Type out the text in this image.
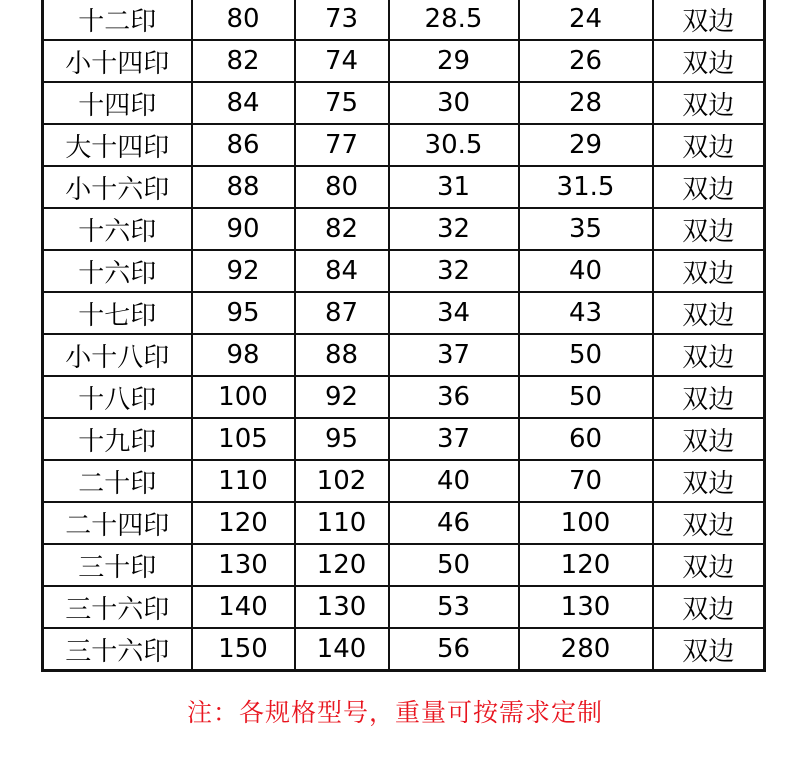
十二印	80	73	28.5	24	双边
小十四印	82	74	29	26	双边
十四印	84	75	30	28	双边
大十四印	86	77	30.5	29	双边
小十六印	88	80	31	31.5	双边
十六印	90	82	32	35	双边
十六印	92	84	32	40	双边
十七印	95	87	34	43	双边
小十八印	98	88	37	50	双边
十八印	100	92	36	50	双边
十九印	105	95	37	60	双边
二十印	110	102	40	70	双边
二十四印	120	110	46	100	双边
三十印	130	120	50	120	双边
三十六印	140	130	53	130	双边
三十六印	150	140	56	280	双边
注：各规格型号，重量可按需求定制
